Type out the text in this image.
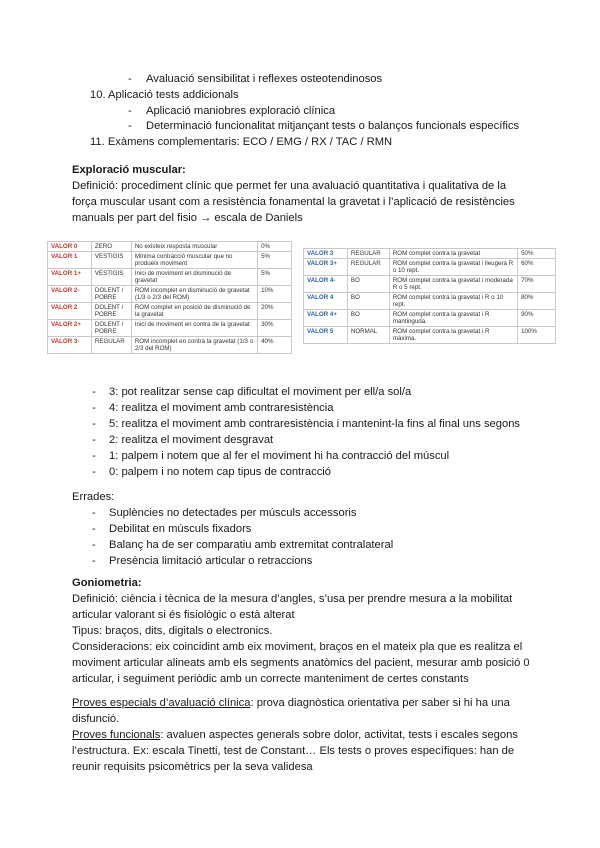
- Avaluació sensibilitat i reflexes osteotendinosos
10. Aplicació tests addicionals
- Aplicació maniobres exploració clínica
- Determinació funcionalitat mitjançant tests o balanços funcionals específics
11. Exàmens complementaris: ECO / EMG / RX / TAC / RMN
Exploració muscular:
Definició: procediment clínic que permet fer una avaluació quantitativa i qualitativa de la
força muscular usant com a resistència fonamental la gravetat i l’aplicació de resistències
manuals per part del fisio → escala de Daniels
VALOR 0	ZERO	No existeix resposta muscular	0%
VALOR 1	VESTIGIS	Mínima contracció muscular que no produeix moviment	5%
VALOR 1+	VESTIGIS	Inici de moviment en disminució de gravetat	5%
VALOR 2-	DOLENT / POBRE	ROM incomplet en disminució de gravetat (1/3 o 2/3 del ROM)	10%
VALOR 2	DOLENT / POBRE	ROM complet en posició de disminució de la gravetat	20%
VALOR 2+	DOLENT / POBRE	Inici de moviment en contra de la gravetat	30%
VALOR 3-	REGULAR	ROM incomplet en contra la gravetat (1/3 o 2/3 del ROM)	40%
VALOR 3	REGULAR	ROM complet contra la gravetat	50%
VALOR 3+	REGULAR	ROM complet contra la gravetat i lleugera R o 10 rept.	60%
VALOR 4-	BO	ROM complet contra la gravetat i moderada R o 5 rept.	70%
VALOR 4	BO	ROM complet contra la gravetat i R o 10 rept.	80%
VALOR 4+	BO	ROM complet contra la gravetat i R mantinguda.	90%
VALOR 5	NORMAL	ROM complet contra la gravetat i R màxima.	100%
- 3: pot realitzar sense cap dificultat el moviment per ell/a sol/a
- 4: realitza el moviment amb contraresistència
- 5: realitza el moviment amb contraresistència i mantenint-la fins al final uns segons
- 2: realitza el moviment desgravat
- 1: palpem i notem que al fer el moviment hi ha contracció del múscul
- 0: palpem i no notem cap tipus de contracció
Errades:
- Suplències no detectades per músculs accessoris
- Debilitat en músculs fixadors
- Balanç ha de ser comparatiu amb extremitat contralateral
- Presència limitació articular o retraccions
Goniometria:
Definició: ciència i tècnica de la mesura d’angles, s’usa per prendre mesura a la mobilitat
articular valorant si és fisiològic o està alterat
Tipus: braços, dits, digitals o electronics.
Consideracions: eix coincidint amb eix moviment, braços en el mateix pla que es realitza el
moviment articular alineats amb els segments anatòmics del pacient, mesurar amb posició 0
articular, i seguiment periòdic amb un correcte manteniment de certes constants
Proves especials d’avaluació clínica: prova diagnòstica orientativa per saber si hi ha una
disfunció.
Proves funcionals: avaluen aspectes generals sobre dolor, activitat, tests i escales segons
l’estructura. Ex: escala Tinetti, test de Constant… Els tests o proves específiques: han de
reunir requisits psicomètrics per la seva validesa
